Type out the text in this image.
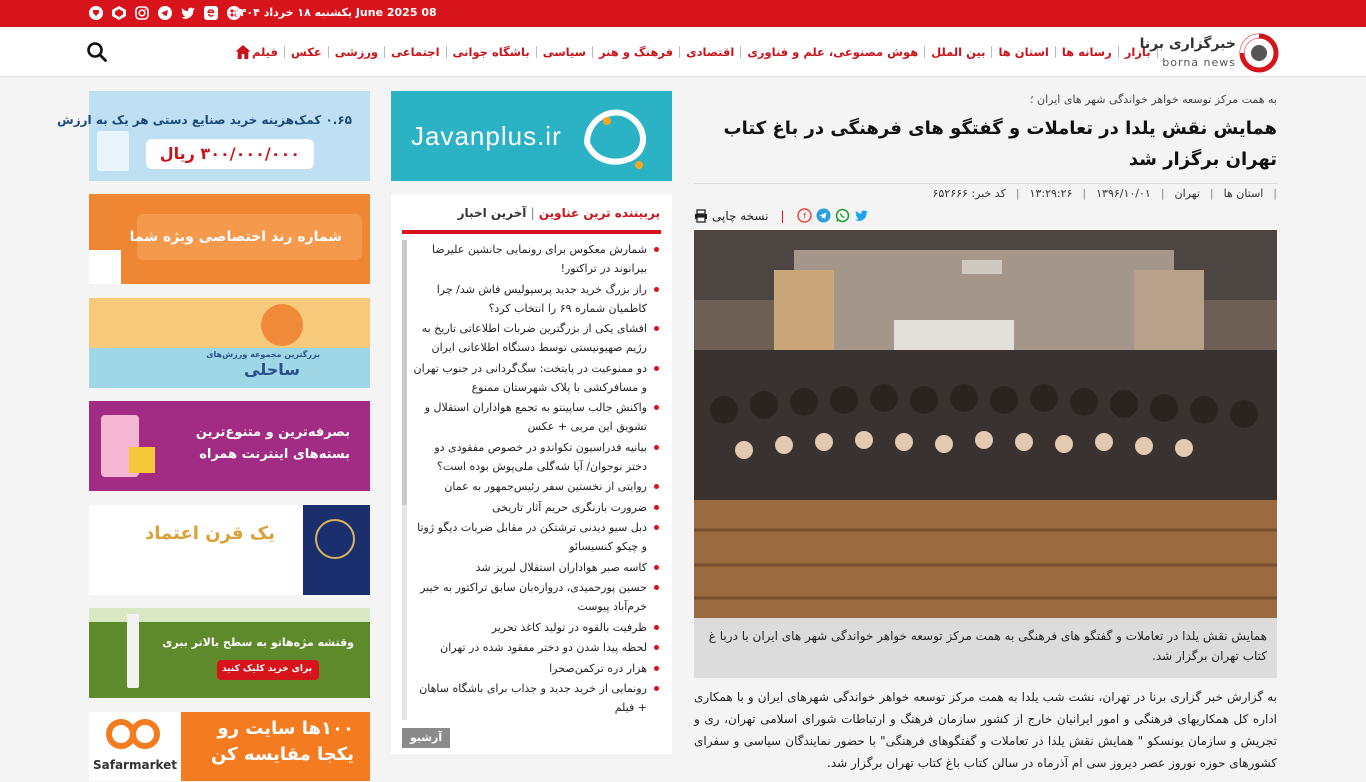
یکشنبه ۱۸ خرداد ۱۴۰۴ June 2025 08
فیلم	عکس	ورزشی	اجتماعی	باشگاه جوانی	سیاسی	فرهنگ و هنر	اقتصادی	هوش مصنوعی، علم و فناوری	بین الملل	استان ها	رسانه ها	بازار
خبرگزاری برنا
borna news
۰.۶۵ کمک‌هزینه خرید صنایع دستی هر یک به ارزش
۳۰۰/۰۰۰/۰۰۰ ریال
شماره رند اختصاصی ویژه شما
بزرگترین مجموعه ورزش‌های
ساحلی
بصرفه‌ترین و متنوع‌ترین
بسته‌های اینترنت همراه
یک قرن اعتماد
۱۴۰۴-۱۳۰۴
وقتشه مژه‌هاتو به سطح بالاتر ببری
برای خرید کلیک کنید
Safarmarket
۱۰۰ها سایت رو
یکجا مقایسه کن
Javanplus.ir
پربیننده ترین عناوین
|
آخرین اخبار
شمارش معکوس برای رونمایی جانشین علیرضا بیرانوند در تراکتور!
راز بزرگ خرید جدید پرسپولیس فاش شد/ چرا کاظمیان شماره ۶۹ را انتخاب کرد؟
افشای یکی از بزرگترین ضربات اطلاعاتی تاریخ به رژیم صهیونیستی توسط دستگاه اطلاعاتی ایران
دو ممنوعیت در پایتخت: سگ‌گردانی در جنوب تهران و مسافرکشی با پلاک شهرستان ممنوع
واکنش جالب ساپینتو به تجمع هواداران استقلال و تشویق این مربی + عکس
بیانیه فدراسیون تکواندو در خصوص مفقودی دو دختر نوجوان/ آیا شه‌گلی ملی‌پوش بوده است؟
روایتی از نخستین سفر رئیس‌جمهور به عمان
ضرورت بازنگری حریم آثار تاریخی
دبل سیو دیدنی ترشتکن در مقابل ضربات دیگو ژوتا و چیکو کنسیسائو
کاسه صبر هواداران استقلال لبریز شد
حسین پورحمیدی، دروازه‌بان سابق تراکتور به خیبر خرم‌آباد پیوست
ظرفیت بالقوه در تولید کاغذ تحریر
لحظه پیدا شدن دو دختر مفقود شده در تهران
هزار دره ترکمن‌صحرا
رونمایی از خرید جدید و جذاب برای باشگاه ساهان + فیلم
آرشیو
به همت مرکز توسعه خواهر خواندگی شهر های ایران ؛
همایش نقش یلدا در تعاملات و گفتگو های فرهنگی در باغ کتاب تهران برگزار شد
|
استان ها
|
تهران
|
۱۳۹۶/۱۰/۰۱
|
۱۳:۲۹:۲۶
|
کد خبر: ۶۵۲۶۶۶
نسخه چاپی | f
همایش نقش یلدا در تعاملات و گفتگو های فرهنگی به همت مرکز توسعه خواهر خواندگی شهر های ایران با دربا غ کتاب تهران برگزار شد.
به گزارش خبر گزاری برنا در تهران، نشت شب یلدا به همت مرکز توسعه خواهر خواندگی شهرهای ایران و با همکاری اداره کل همکاریهای فرهنگی و امور ایرانیان خارج از کشور سازمان فرهنگ و ارتباطات شورای اسلامی تهران، ری و تجریش و سازمان یونسکو " همایش نقش یلدا در تعاملات و گفتگوهای فرهنگی" با حضور نمایندگان سیاسی و سفرای کشورهای حوزه نوروز عصر دیروز سی ام آذرماه در سالن کتاب باغ کتاب تهران برگزار شد.
